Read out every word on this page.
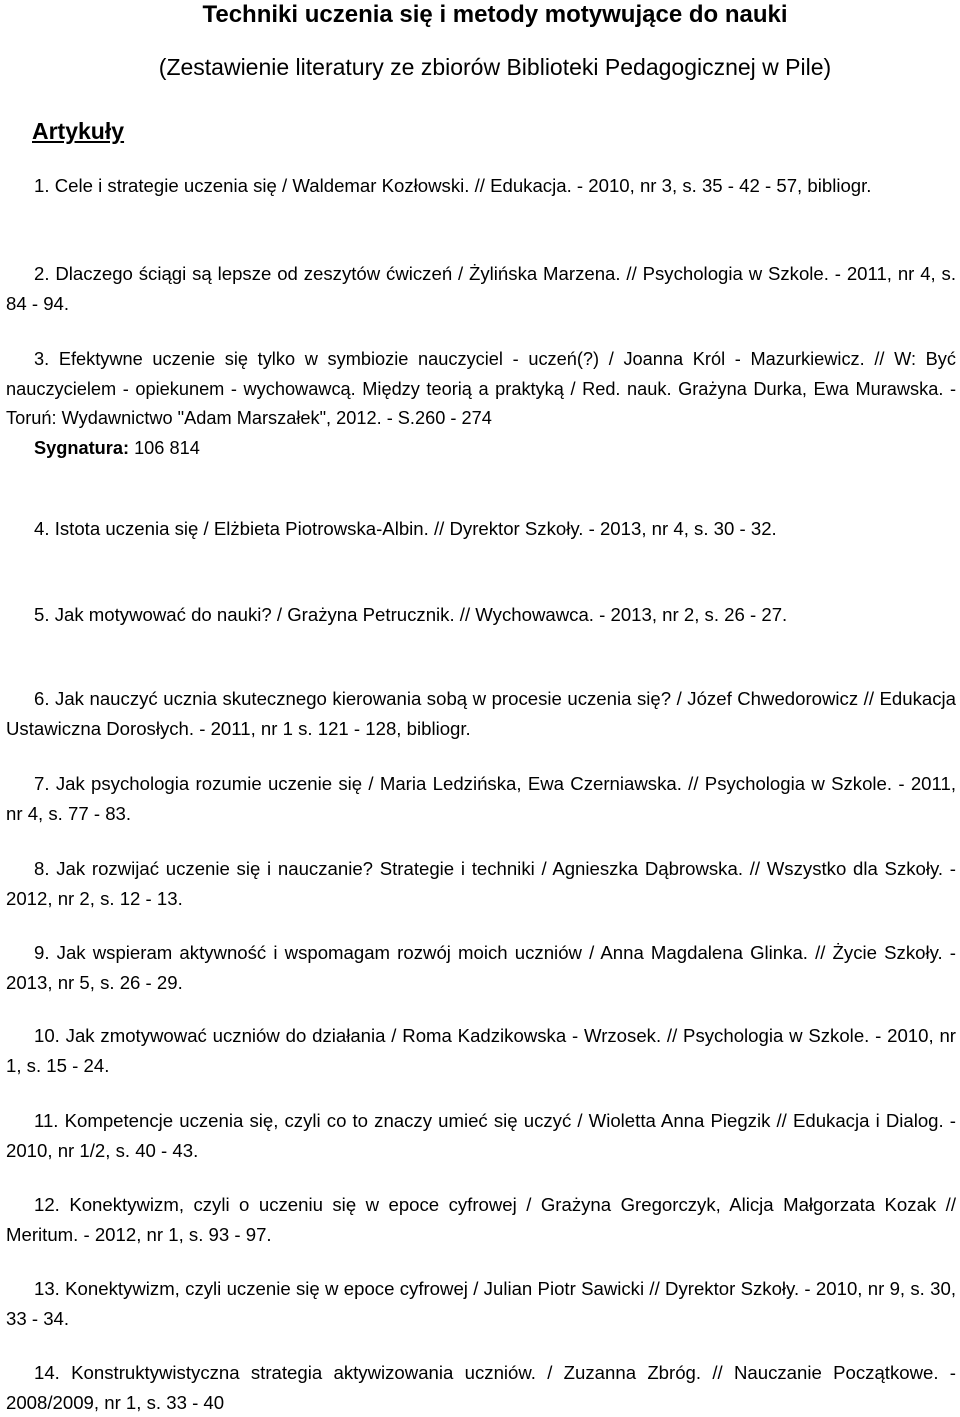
Techniki uczenia się i metody motywujące do nauki
(Zestawienie literatury ze zbiorów Biblioteki Pedagogicznej w Pile)
Artykuły
1. Cele i strategie uczenia się / Waldemar Kozłowski. // Edukacja. - 2010, nr 3, s. 35 - 42 - 57, bibliogr.
2. Dlaczego ściągi są lepsze od zeszytów ćwiczeń / Żylińska Marzena. // Psychologia w Szkole. - 2011, nr 4, s. 84 - 94.
3. Efektywne uczenie się tylko w symbiozie nauczyciel - uczeń(?) / Joanna Król - Mazurkiewicz. // W: Być nauczycielem - opiekunem - wychowawcą. Między teorią a praktyką / Red. nauk. Grażyna Durka, Ewa Murawska. - Toruń: Wydawnictwo "Adam Marszałek", 2012. - S.260 - 274
Sygnatura: 106 814
4. Istota uczenia się / Elżbieta Piotrowska-Albin. // Dyrektor Szkoły. - 2013, nr 4, s. 30 - 32.
5. Jak motywować do nauki? / Grażyna Petrucznik. // Wychowawca. - 2013, nr 2, s. 26 - 27.
6. Jak nauczyć ucznia skutecznego kierowania sobą w procesie uczenia się? / Józef Chwedorowicz // Edukacja Ustawiczna Dorosłych. - 2011, nr 1 s. 121 - 128, bibliogr.
7. Jak psychologia rozumie uczenie się / Maria Ledzińska, Ewa Czerniawska. // Psychologia w Szkole. - 2011, nr 4, s. 77 - 83.
8. Jak rozwijać uczenie się i nauczanie? Strategie i techniki / Agnieszka Dąbrowska. // Wszystko dla Szkoły. - 2012, nr 2, s. 12 - 13.
9. Jak wspieram aktywność i wspomagam rozwój moich uczniów / Anna Magdalena Glinka. // Życie Szkoły. - 2013, nr 5, s. 26 - 29.
10. Jak zmotywować uczniów do działania / Roma Kadzikowska - Wrzosek. // Psychologia w Szkole. - 2010, nr 1, s. 15 - 24.
11. Kompetencje uczenia się, czyli co to znaczy umieć się uczyć / Wioletta Anna Piegzik // Edukacja i Dialog. - 2010, nr 1/2, s. 40 - 43.
12. Konektywizm, czyli o uczeniu się w epoce cyfrowej / Grażyna Gregorczyk, Alicja Małgorzata Kozak // Meritum. - 2012, nr 1, s. 93 - 97.
13. Konektywizm, czyli uczenie się w epoce cyfrowej / Julian Piotr Sawicki // Dyrektor Szkoły. - 2010, nr 9, s. 30, 33 - 34.
14. Konstruktywistyczna strategia aktywizowania uczniów. / Zuzanna Zbróg. // Nauczanie Początkowe. - 2008/2009, nr 1, s. 33 - 40
